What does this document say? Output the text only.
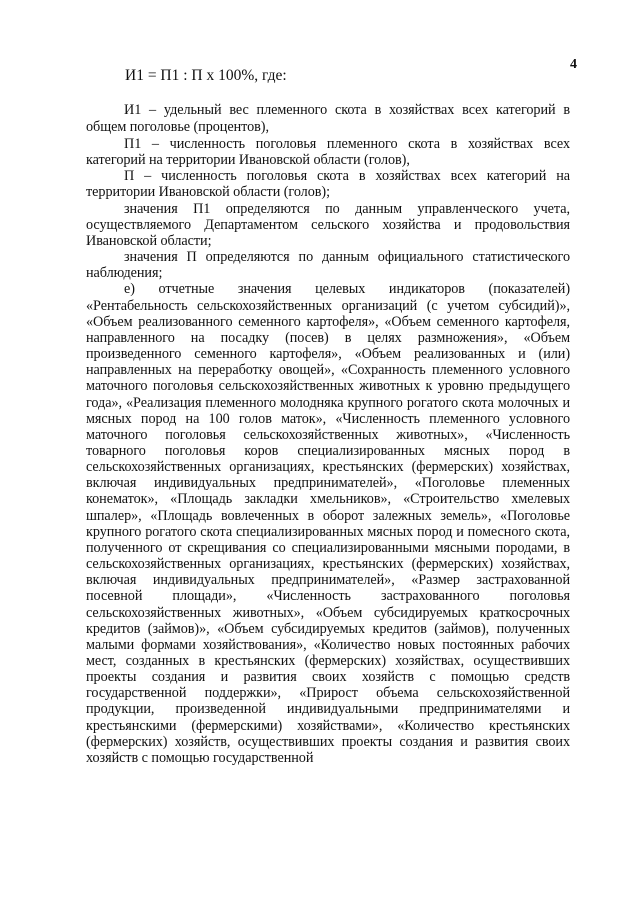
4
И1 = П1 : П х 100%, где:

И1 – удельный вес племенного скота в хозяйствах всех категорий в общем поголовье (процентов),

П1 – численность поголовья племенного скота в хозяйствах всех категорий на территории Ивановской области (голов),

П – численность поголовья скота в хозяйствах всех категорий на территории Ивановской области (голов);

значения П1 определяются по данным управленческого учета, осуществляемого Департаментом сельского хозяйства и продовольствия Ивановской области;

значения П определяются по данным официального статистического наблюдения;

е) отчетные значения целевых индикаторов (показателей) «Рентабельность сельскохозяйственных организаций (с учетом субсидий)», «Объем реализованного семенного картофеля», «Объем семенного картофеля, направленного на посадку (посев) в целях размножения», «Объем произведенного семенного картофеля», «Объем реализованных и (или) направленных на переработку овощей», «Сохранность племенного условного маточного поголовья сельскохозяйственных животных к уровню предыдущего года», «Реализация племенного молодняка крупного рогатого скота молочных и мясных пород на 100 голов маток», «Численность племенного условного маточного поголовья сельскохозяйственных животных», «Численность товарного поголовья коров специализированных мясных пород в сельскохозяйственных организациях, крестьянских (фермерских) хозяйствах, включая индивидуальных предпринимателей», «Поголовье племенных конематок», «Площадь закладки хмельников», «Строительство хмелевых шпалер», «Площадь вовлеченных в оборот залежных земель», «Поголовье крупного рогатого скота специализированных мясных пород и помесного скота, полученного от скрещивания со специализированными мясными породами, в сельскохозяйственных организациях, крестьянских (фермерских) хозяйствах, включая индивидуальных предпринимателей», «Размер застрахованной посевной площади», «Численность застрахованного поголовья сельскохозяйственных животных», «Объем субсидируемых краткосрочных кредитов (займов)», «Объем субсидируемых кредитов (займов), полученных малыми формами хозяйствования», «Количество новых постоянных рабочих мест, созданных в крестьянских (фермерских) хозяйствах, осуществивших проекты создания и развития своих хозяйств с помощью средств государственной поддержки», «Прирост объема сельскохозяйственной продукции, произведенной индивидуальными предпринимателями и крестьянскими (фермерскими) хозяйствами», «Количество крестьянских (фермерских) хозяйств, осуществивших проекты создания и развития своих хозяйств с помощью государственной
